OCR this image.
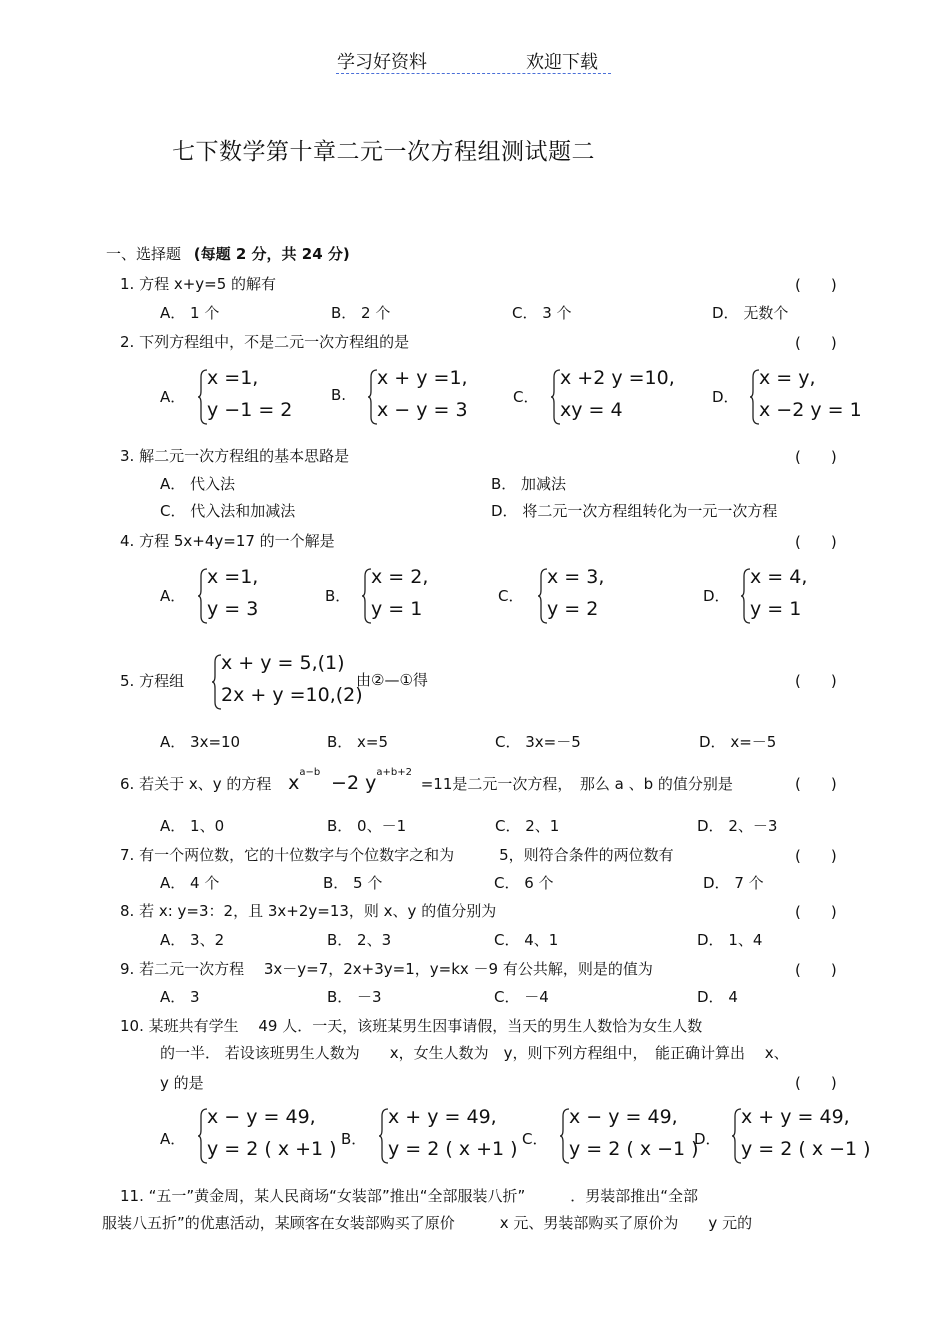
学习好资料	欢迎下载
七下数学第十章二元一次方程组测试题二
一、选择题 (每题 2 分，共 24 分)
1. 方程 x+y=5 的解有	(　　)
A． 1 个	B． 2 个	C． 3 个	D． 无数个
2. 下列方程组中，不是二元一次方程组的是	(　　)
A．
x =1,
y −1 = 2
B.
x + y =1,
x − y = 3
C．
x +2 y =10,
xy = 4
D．
x = y,
x −2 y = 1
3. 解二元一次方程组的基本思路是	(　　)
A． 代入法	B． 加减法
C． 代入法和加减法	D． 将二元一次方程组转化为一元一次方程
4. 方程 5x+4y=17 的一个解是	(　　)
A．
x =1,
y = 3
B．
x = 2,
y = 1
C．
x = 3,
y = 2
D．
x = 4,
y = 1
5. 方程组
x + y = 5,(1)
2x + y =10,(2)
由②—①得	(　　)
A． 3x=10	B． x=5	C． 3x=－5	D． x=－5
6. 若关于 x、y 的方程 $x^{a-b} -2$ $y^{a+b+2} =11$是二元一次方程，　那么 a 、b 的值分别是	(　　)
A． 1、0	B． 0、－1	C． 2、1	D． 2、－3
7. 有一个两位数，它的十位数字与个位数字之和为　　　5，则符合条件的两位数有	(　　)
A． 4 个	B． 5 个	C． 6 个	D． 7 个
8. 若 x: y=3：2，且 3x+2y=13，则 x、y 的值分别为	(　　)
A． 3、2	B． 2、3	C． 4、1	D． 1、4
9. 若二元一次方程　 3x－y=7，2x+3y=1，y=kx －9 有公共解，则是的值为	(　　)
A． 3	B． －3	C． －4	D． 4
10. 某班共有学生　 49 人．一天，该班某男生因事请假，当天的男生人数恰为女生人数
的一半． 若设该班男生人数为　　x，女生人数为　y，则下列方程组中，　能正确计算出　 x、
y 的是	(　　)
A．
x − y = 49,
y = 2 ( x +1 ) B．
x + y = 49,
y = 2 ( x +1 ) C．
x − y = 49,
y = 2 ( x −1 )
D．
x + y = 49,
y = 2 ( x −1 )
11. “五一”黄金周，某人民商场“女装部”推出“全部服装八折”　　　．男装部推出“全部
服装八五折”的优惠活动，某顾客在女装部购买了原价　　　x 元、男装部购买了原价为　　y 元的
